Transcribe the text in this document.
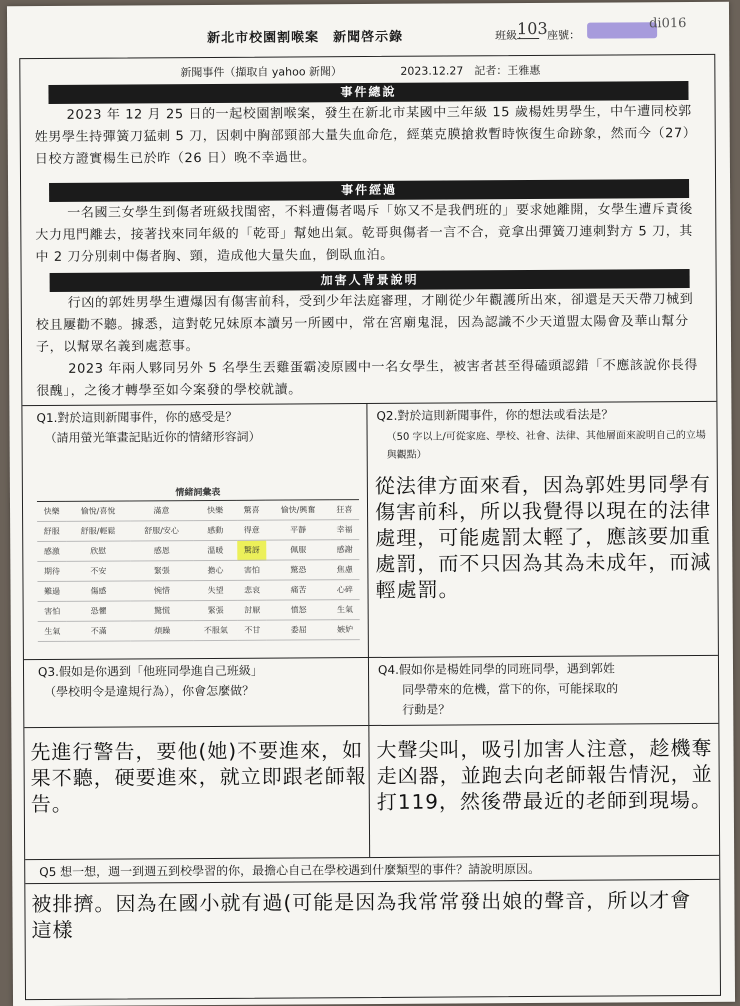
新北市校園割喉案　新聞啓示錄	班級：
103 座號：
di016
新聞事件（擷取自 yahoo 新聞）	2023.12.27　記者：王雅惠
事件總說
2023 年 12 月 25 日的一起校園割喉案，發生在新北市某國中三年級 15 歲楊姓男學生，中午遭同校郭姓男學生持彈簧刀猛刺 5 刀，因刺中胸部頸部大量失血命危，經葉克膜搶救暫時恢復生命跡象，然而今（27）日校方證實楊生已於昨（26 日）晚不幸過世。
事件經過
一名國三女學生到傷者班級找閨密，不料遭傷者喝斥「妳又不是我們班的」要求她離開，女學生遭斥責後大力甩門離去，接著找來同年級的「乾哥」幫她出氣。乾哥與傷者一言不合，竟拿出彈簧刀連刺對方 5 刀，其中 2 刀分別刺中傷者胸、頸，造成他大量失血，倒臥血泊。
加害人背景說明
行凶的郭姓男學生遭爆因有傷害前科，受到少年法庭審理，才剛從少年觀護所出來，卻還是天天帶刀械到校且屢勸不聽。據悉，這對乾兄妹原本讀另一所國中，常在宮廟鬼混，因為認識不少天道盟太陽會及華山幫分子，以幫眾名義到處惹事。
2023 年兩人夥同另外 5 名學生丟雞蛋霸凌原國中一名女學生，被害者甚至得磕頭認錯「不應該說你長得很醜」，之後才轉學至如今案發的學校就讀。
Q1.對於這則新聞事件，你的感受是？
（請用螢光筆畫記貼近你的情緒形容詞）
情緒詞彙表						
快樂	愉悅/喜悅	滿意	快樂	驚喜	愉快/興奮	狂喜
舒服	舒服/輕鬆	舒服/安心	感動	得意	平靜	幸福
感激	欣慰	感恩	溫暖	驚訝	佩服	感謝
期待	不安	緊張	擔心	害怕	驚恐	焦慮
難過	傷感	惋惜	失望	悲哀	痛苦	心碎
害怕	恐懼	驚慌	緊張	討厭	憤怒	生氣
生氣	不滿	煩躁	不服氣	不甘	委屈	嫉妒
Q2.對於這則新聞事件，你的想法或看法是？
（50 字以上/可從家庭、學校、社會、法律、其他層面來說明自己的立場與觀點）
從法律方面來看，因為郭姓男同學有傷害前科，所以我覺得以現在的法律處理，可能處罰太輕了，應該要加重處罰，而不只因為其為未成年，而減輕處罰。
Q3.假如是你遇到「他班同學進自己班級」
（學校明令是違規行為），你會怎麼做？
先進行警告，要他(她)不要進來，如果不聽，硬要進來，就立即跟老師報告。
Q4.假如你是楊姓同學的同班同學，遇到郭姓
同學帶來的危機，當下的你，可能採取的
行動是？
大聲尖叫，吸引加害人注意，趁機奪走凶器，並跑去向老師報告情況，並打119，然後帶最近的老師到現場。
Q5 想一想，週一到週五到校學習的你，最擔心自己在學校遇到什麼類型的事件？請說明原因。
被排擠。因為在國小就有過(可能是因為我常常發出娘的聲音，所以才會這樣
